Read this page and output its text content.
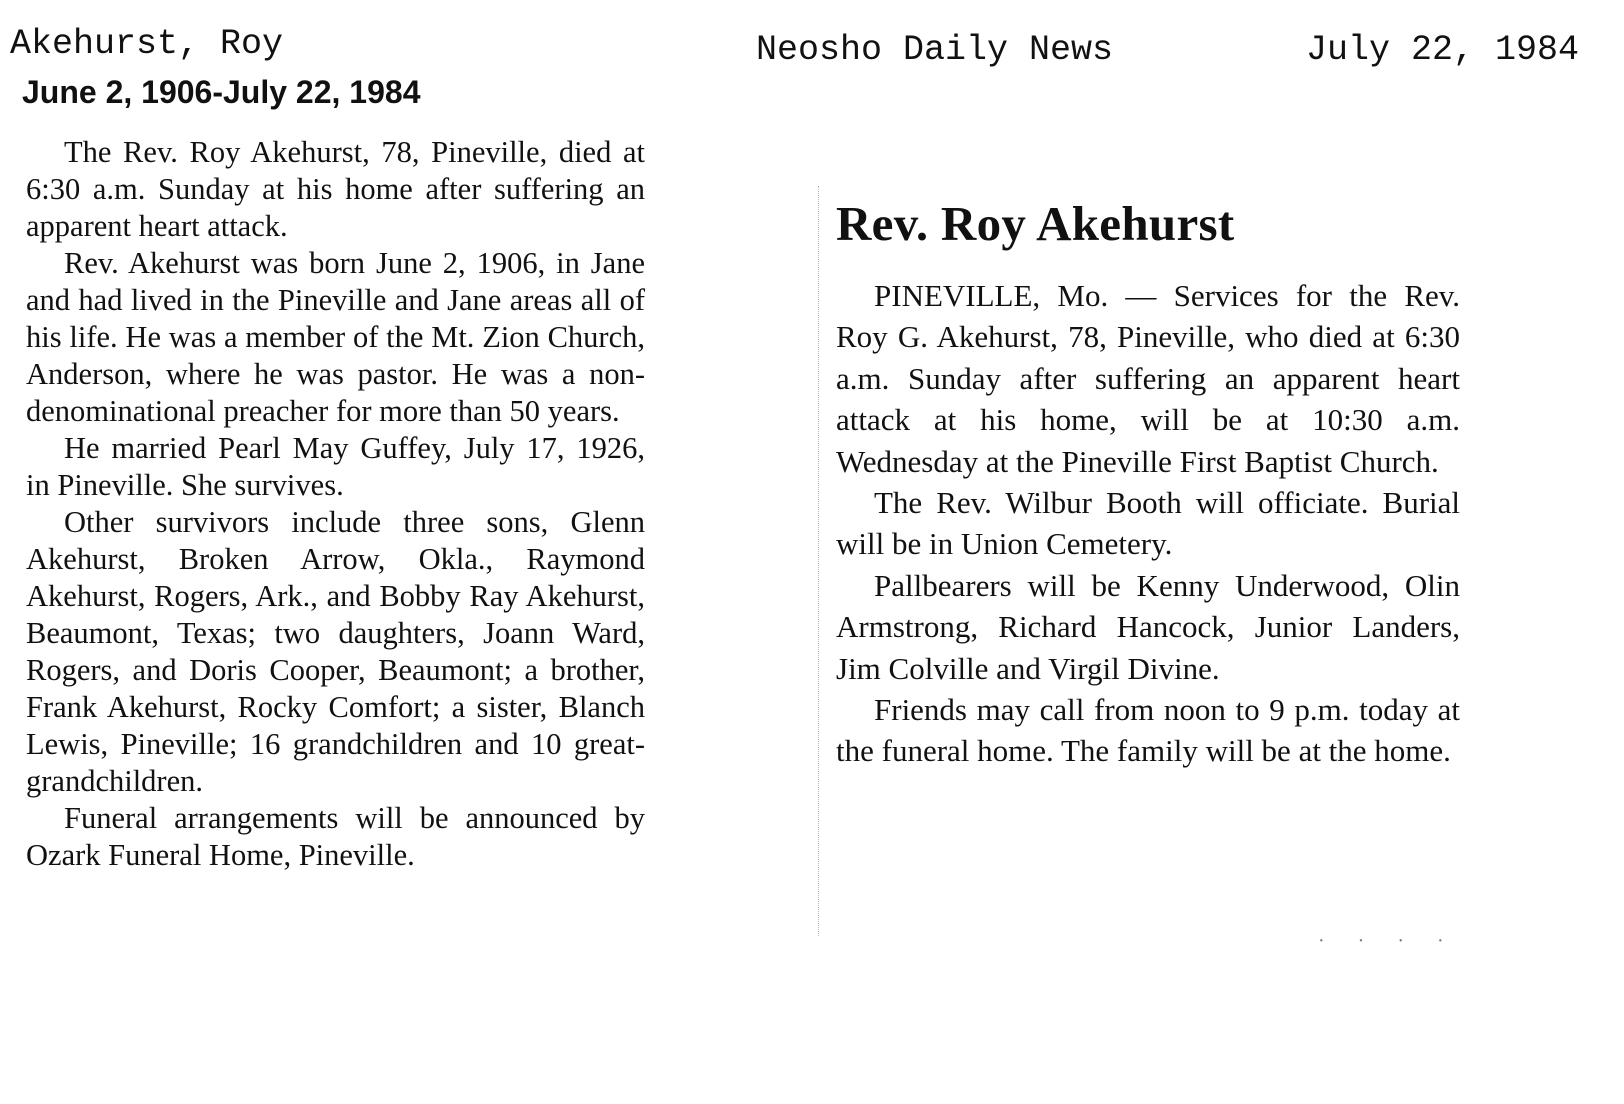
Akehurst, Roy	Neosho Daily News	July 22, 1984
June 2, 1906-July 22, 1984

The Rev. Roy Akehurst, 78, Pineville, died at 6:30 a.m. Sunday at his home after suffering an apparent heart attack.

Rev. Akehurst was born June 2, 1906, in Jane and had lived in the Pineville and Jane areas all of his life. He was a member of the Mt. Zion Church, Anderson, where he was pastor. He was a non-denominational preacher for more than 50 years.

He married Pearl May Guffey, July 17, 1926, in Pineville. She survives.

Other survivors include three sons, Glenn Akehurst, Broken Arrow, Okla., Raymond Akehurst, Rogers, Ark., and Bobby Ray Akehurst, Beaumont, Texas; two daughters, Joann Ward, Rogers, and Doris Cooper, Beaumont; a brother, Frank Akehurst, Rocky Comfort; a sister, Blanch Lewis, Pineville; 16 grandchildren and 10 great-grandchildren.

Funeral arrangements will be announced by Ozark Funeral Home, Pineville.

Rev. Roy Akehurst

PINEVILLE, Mo. — Services for the Rev. Roy G. Akehurst, 78, Pineville, who died at 6:30 a.m. Sunday after suffering an apparent heart attack at his home, will be at 10:30 a.m. Wednesday at the Pineville First Baptist Church.

The Rev. Wilbur Booth will officiate. Burial will be in Union Cemetery.

Pallbearers will be Kenny Underwood, Olin Armstrong, Richard Hancock, Junior Landers, Jim Colville and Virgil Divine.

Friends may call from noon to 9 p.m. today at the funeral home. The family will be at the home.

· · · ·
